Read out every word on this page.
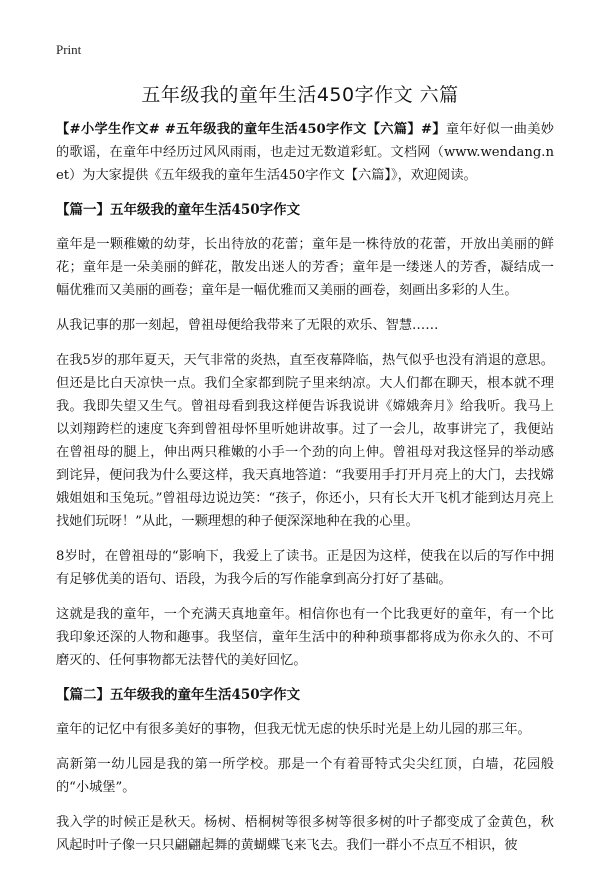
Print
五年级我的童年生活450字作文 六篇

【#小学生作文# #五年级我的童年生活450字作文【六篇】#】童年好似一曲美妙的歌谣，在童年中经历过风风雨雨，也走过无数道彩虹。文档网（www.wendang.net）为大家提供《五年级我的童年生活450字作文【六篇】》，欢迎阅读。

【篇一】五年级我的童年生活450字作文

童年是一颗稚嫩的幼芽，长出待放的花蕾；童年是一株待放的花蕾，开放出美丽的鲜花；童年是一朵美丽的鲜花，散发出迷人的芳香；童年是一缕迷人的芳香，凝结成一幅优雅而又美丽的画卷；童年是一幅优雅而又美丽的画卷，刻画出多彩的人生。

从我记事的那一刻起，曾祖母便给我带来了无限的欢乐、智慧……

在我5岁的那年夏天，天气非常的炎热，直至夜幕降临，热气似乎也没有消退的意思。但还是比白天凉快一点。我们全家都到院子里来纳凉。大人们都在聊天，根本就不理我。我即失望又生气。曾祖母看到我这样便告诉我说讲《嫦娥奔月》给我听。我马上以刘翔跨栏的速度飞奔到曾祖母怀里听她讲故事。过了一会儿，故事讲完了，我便站在曾祖母的腿上，伸出两只稚嫩的小手一个劲的向上伸。曾祖母对我这怪异的举动感到诧异，便问我为什么要这样，我天真地答道：“我要用手打开月亮上的大门，去找嫦娥姐姐和玉兔玩。”曾祖母边说边笑：“孩子，你还小，只有长大开飞机才能到达月亮上找她们玩呀！”从此，一颗理想的种子便深深地种在我的心里。

8岁时，在曾祖母的“影响下，我爱上了读书。正是因为这样，使我在以后的写作中拥有足够优美的语句、语段，为我今后的写作能拿到高分打好了基础。

这就是我的童年，一个充满天真地童年。相信你也有一个比我更好的童年，有一个比我印象还深的人物和趣事。我坚信，童年生活中的种种琐事都将成为你永久的、不可磨灭的、任何事物都无法替代的美好回忆。

【篇二】五年级我的童年生活450字作文

童年的记忆中有很多美好的事物，但我无忧无虑的快乐时光是上幼儿园的那三年。

高新第一幼儿园是我的第一所学校。那是一个有着哥特式尖尖红顶，白墙，花园般的“小城堡”。

我入学的时候正是秋天。杨树、梧桐树等很多树等很多树的叶子都变成了金黄色，秋风起时叶子像一只只翩翩起舞的黄蝴蝶飞来飞去。我们一群小不点互不相识，彼
